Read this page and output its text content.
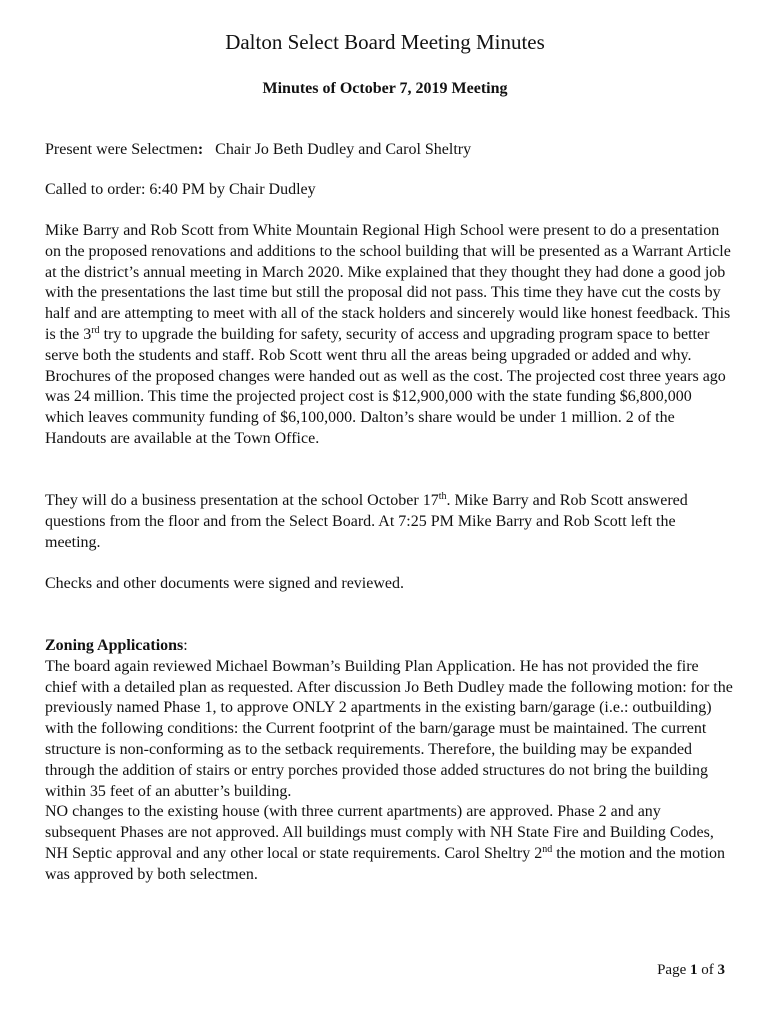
Dalton Select Board Meeting Minutes
Minutes of October 7, 2019 Meeting

Present were Selectmen: Chair Jo Beth Dudley and Carol Sheltry

Called to order: 6:40 PM by Chair Dudley

Mike Barry and Rob Scott from White Mountain Regional High School were present to do a presentation on the proposed renovations and additions to the school building that will be presented as a Warrant Article at the district’s annual meeting in March 2020. Mike explained that they thought they had done a good job with the presentations the last time but still the proposal did not pass. This time they have cut the costs by half and are attempting to meet with all of the stack holders and sincerely would like honest feedback. This is the 3rd try to upgrade the building for safety, security of access and upgrading program space to better serve both the students and staff. Rob Scott went thru all the areas being upgraded or added and why. Brochures of the proposed changes were handed out as well as the cost. The projected cost three years ago was 24 million. This time the projected project cost is $12,900,000 with the state funding $6,800,000 which leaves community funding of $6,100,000. Dalton’s share would be under 1 million. 2 of the Handouts are available at the Town Office.

They will do a business presentation at the school October 17th. Mike Barry and Rob Scott answered questions from the floor and from the Select Board. At 7:25 PM Mike Barry and Rob Scott left the meeting.

Checks and other documents were signed and reviewed.

Zoning Applications:
The board again reviewed Michael Bowman’s Building Plan Application. He has not provided the fire chief with a detailed plan as requested. After discussion Jo Beth Dudley made the following motion: for the previously named Phase 1, to approve ONLY 2 apartments in the existing barn/garage (i.e.: outbuilding) with the following conditions: the Current footprint of the barn/garage must be maintained. The current structure is non-conforming as to the setback requirements. Therefore, the building may be expanded through the addition of stairs or entry porches provided those added structures do not bring the building within 35 feet of an abutter’s building.
NO changes to the existing house (with three current apartments) are approved. Phase 2 and any subsequent Phases are not approved. All buildings must comply with NH State Fire and Building Codes, NH Septic approval and any other local or state requirements. Carol Sheltry 2nd the motion and the motion was approved by both selectmen.
Page 1 of 3
